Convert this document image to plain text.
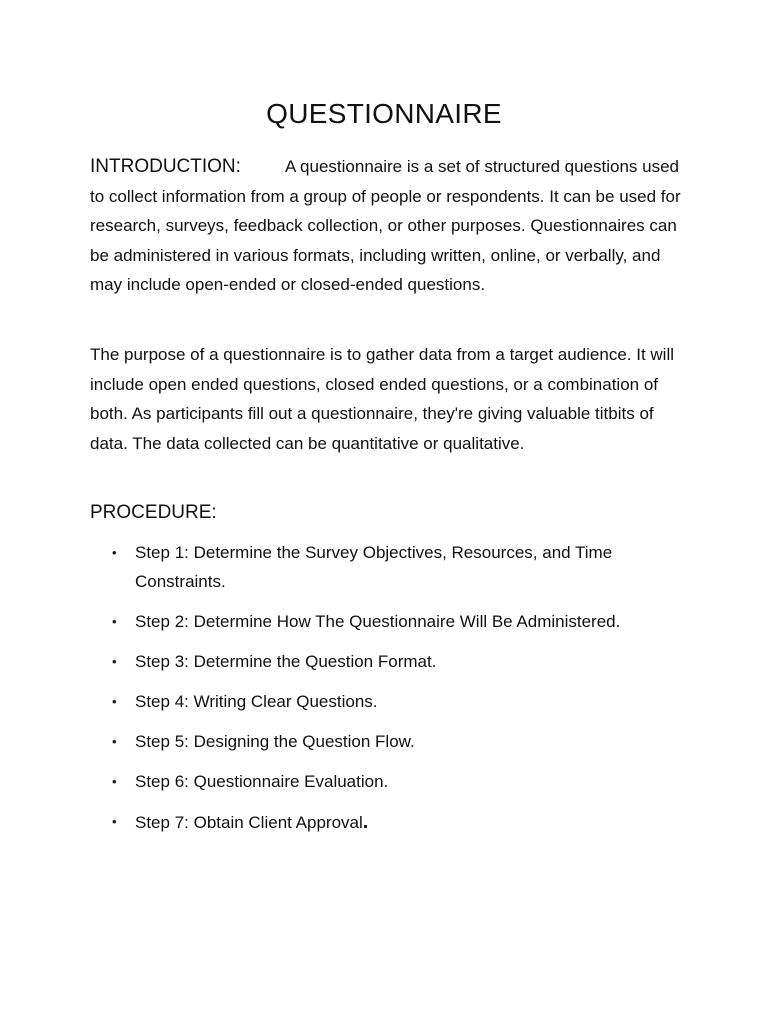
QUESTIONNAIRE
INTRODUCTION:	A questionnaire is a set of structured questions used to collect information from a group of people or respondents. It can be used for research, surveys, feedback collection, or other purposes. Questionnaires can be administered in various formats, including written, online, or verbally, and may include open-ended or closed-ended questions.
The purpose of a questionnaire is to gather data from a target audience. It will include open ended questions, closed ended questions, or a combination of both. As participants fill out a questionnaire, they're giving valuable titbits of data. The data collected can be quantitative or qualitative.
PROCEDURE:
• Step 1: Determine the Survey Objectives, Resources, and Time Constraints.
• Step 2: Determine How The Questionnaire Will Be Administered.
• Step 3: Determine the Question Format.
• Step 4: Writing Clear Questions.
• Step 5: Designing the Question Flow.
• Step 6: Questionnaire Evaluation.
• Step 7: Obtain Client Approval.
